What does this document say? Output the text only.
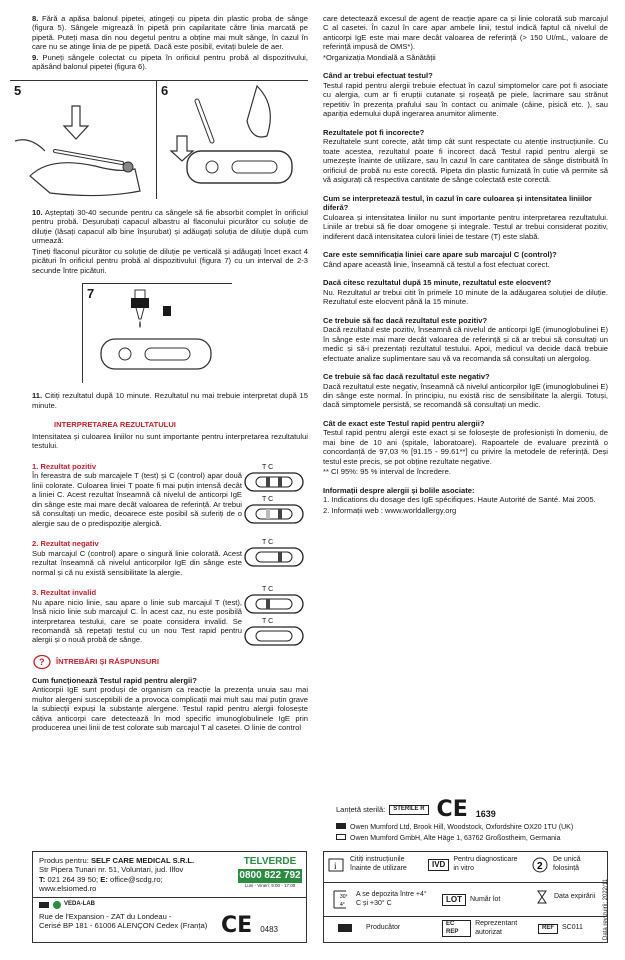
8. Fără a apăsa balonul pipetei, atingeți cu pipeta din plastic proba de sânge (figura 5). Sângele migrează în pipetă prin capilaritate către linia marcată pe pipetă. Puteți masa din nou degetul pentru a obține mai mult sânge, în cazul în care nu se atinge linia de pe pipetă. Dacă este posibil, evitați bulele de aer.

9. Puneți sângele colectat cu pipeta în orificiul pentru probă al dispozitivului, apăsând balonul pipetei (figura 6).

5	6

10. Așteptați 30-40 secunde pentru ca sângele să fie absorbit complet în orificiul pentru probă. Deșurubați capacul albastru al flaconului picurător cu soluție de diluție (lăsați capacul alb bine înșurubat) și adăugați soluția de diluție după cum urmează:

Țineți flaconul picurător cu soluție de diluție pe verticală și adăugați încet exact 4 picături în orificiul pentru probă al dispozitivului (figura 7) cu un interval de 2-3 secunde între picături.

7

11. Citiți rezultatul după 10 minute. Rezultatul nu mai trebuie interpretat după 15 minute.

INTERPRETAREA REZULTATULUI

Intensitatea și culoarea liniilor nu sunt importante pentru interpretarea rezultatului testului.

1. Rezultat pozitiv

În fereastra de sub marcajele T (test) și C (control) apar două linii colorate. Culoarea liniei T poate fi mai puțin intensă decât a liniei C. Acest rezultat înseamnă că nivelul de anticorpi IgE din sânge este mai mare decât valoarea de referință. Ar trebui să consultați un medic, deoarece este posibil să suferiți de o alergie sau de o predispoziție alergică.

T C
T C
2. Rezultat negativ

Sub marcajul C (control) apare o singură linie colorată. Acest rezultat înseamnă că nivelul anticorpilor IgE din sânge este normal și că nu există sensibilitate la alergie.

T C
3. Rezultat invalid

Nu apare nicio linie, sau apare o linie sub marcajul T (test), însă nicio linie sub marcajul C. În acest caz, nu este posibilă interpretarea testului, care se poate considera invalid. Se recomandă să repetați testul cu un nou Test rapid pentru alergii și o nouă probă de sânge.

T C
T C
? ÎNTREBĂRI ȘI RĂSPUNSURI
Cum funcționează Testul rapid pentru alergii?

Anticorpii IgE sunt produși de organism ca reacție la prezența unuia sau mai multor alergeni susceptibili de a provoca complicații mai mult sau mai puțin grave la subiecții expuși la substanțe alergene. Testul rapid pentru alergii folosește câțiva anticorpi care detectează în mod specific imunoglobulinele IgE prin producerea unei linii de test colorate sub marcajul T al casetei. O linie de control

care detectează excesul de agent de reacție apare ca și linie colorată sub marcajul C al casetei. În cazul în care apar ambele linii, testul indică faptul că nivelul de anticorpi IgE este mai mare decât valoarea de referință (> 150 UI/mL, valoare de referință impusă de OMS*).

*Organizația Mondială a Sănătății

Când ar trebui efectuat testul?

Testul rapid pentru alergii trebuie efectuat în cazul simptomelor care pot fi asociate cu alergia, cum ar fi erupții cutanate și roșeață pe piele, lacrimare sau strănut repetitiv în prezența prafului sau în contact cu animale (câine, pisică etc. ), sau apariția edemului după ingerarea anumitor alimente.

Rezultatele pot fi incorecte?

Rezultatele sunt corecte, atât timp cât sunt respectate cu atenție instrucțiunile. Cu toate acestea, rezultatul poate fi incorect dacă Testul rapid pentru alergii se umezește înainte de utilizare, sau în cazul în care cantitatea de sânge distribuită în orificiul de probă nu este corectă. Pipeta din plastic furnizată în cutie vă permite să vă asigurați că respectiva cantitate de sânge colectată este corectă.

Cum se interpretează testul, în cazul în care culoarea și intensitatea liniilor diferă?

Culoarea și intensitatea liniilor nu sunt importante pentru interpretarea rezultatului. Liniile ar trebui să fie doar omogene și integrale. Testul ar trebui considerat pozitiv, indiferent dacă intensitatea culorii liniei de testare (T) este slabă.

Care este semnificația liniei care apare sub marcajul C (control)?

Când apare această linie, înseamnă că testul a fost efectuat corect.

Dacă citesc rezultatul după 15 minute, rezultatul este elocvent?

Nu. Rezultatul ar trebui citit în primele 10 minute de la adăugarea soluției de diluție. Rezultatul este elocvent până la 15 minute.

Ce trebuie să fac dacă rezultatul este pozitiv?

Dacă rezultatul este pozitiv, înseamnă că nivelul de anticorpi IgE (imunoglobulinei E) în sânge este mai mare decât valoarea de referință și că ar trebui să consultați un medic și să-i prezentați rezultatul testului. Apoi, medicul va decide dacă trebuie efectuate analize suplimentare sau vă va recomanda să consultați un alergolog.

Ce trebuie să fac dacă rezultatul este negativ?

Dacă rezultatul este negativ, înseamnă că nivelul anticorpilor IgE (imunoglobulinei E) din sânge este normal. În principiu, nu există risc de sensibilitate la alergii. Totuși, dacă simptomele persistă, se recomandă să consultați un medic.

Cât de exact este Testul rapid pentru alergii?

Testul rapid pentru alergii este exact și se folosește de profesioniști în domeniu, de mai bine de 10 ani (spitale, laboratoare). Rapoartele de evaluare prezintă o concordanță de 97,03 % [91.15 - 99.61**] cu privire la metodele de referință. Deși testul este precis, se pot obține rezultate negative.

** CI 95%: 95 % interval de încredere.

Informații despre alergii și bolile asociate:

1. Indications du dosage des IgE spécifiques. Haute Autorité de Santé. Mai 2005.

2. Informații web : www.worldallergy.org

Lanțetă sterilă:	STERILE R CE 1639
Owen Mumford Ltd, Brook Hill, Woodstock, Oxfordshire OX20 1TU (UK)
Owen Mumford GmbH, Alte Häge 1, 63762 Großostheim, Germania
Produs pentru: SELF CARE MEDICAL S.R.L.
Str Pipera Tunari nr. 51, Voluntari, jud. Ilfov
T: 021 264 39 50; E: office@scdg.ro;
www.elsiomed.ro
TELVERDE
0800 822 792
Luni - Vineri: 9:00 - 17:00
VEDA-LAB
Rue de l'Expansion - ZAT du Londeau -
Cerisé BP 181 - 61006 ALENÇON Cedex (Franța) CE 0483
i
Citiți instrucțiunile înainte de utilizare	IVD
Pentru diagnosticare in vitro	2
De unică folosință
30°
4°
A se depozita între +4° C și +30° C	LOT	Număr lot	Data expirării
Producător	EC REP
Reprezentant autorizat
REF	SC011	Data revizuirii: 2022/11
